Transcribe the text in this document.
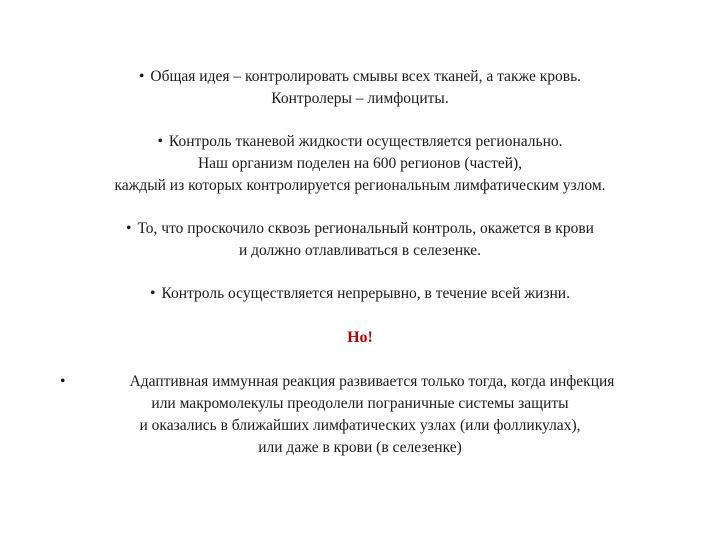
• Общая идея – контролировать смывы всех тканей, а также кровь.
Контролеры – лимфоциты.
• Контроль тканевой жидкости осуществляется регионально.
Наш организм поделен на 600 регионов (частей),
каждый из которых контролируется региональным лимфатическим узлом.
• То, что проскочило сквозь региональный контроль, окажется в крови
и должно отлавливаться в селезенке.
• Контроль осуществляется непрерывно, в течение всей жизни.
Но!
•	Адаптивная иммунная реакция развивается только тогда, когда инфекция
или макромолекулы преодолели пограничные системы защиты
и оказались в ближайших лимфатических узлах (или фолликулах),
или даже в крови (в селезенке)
